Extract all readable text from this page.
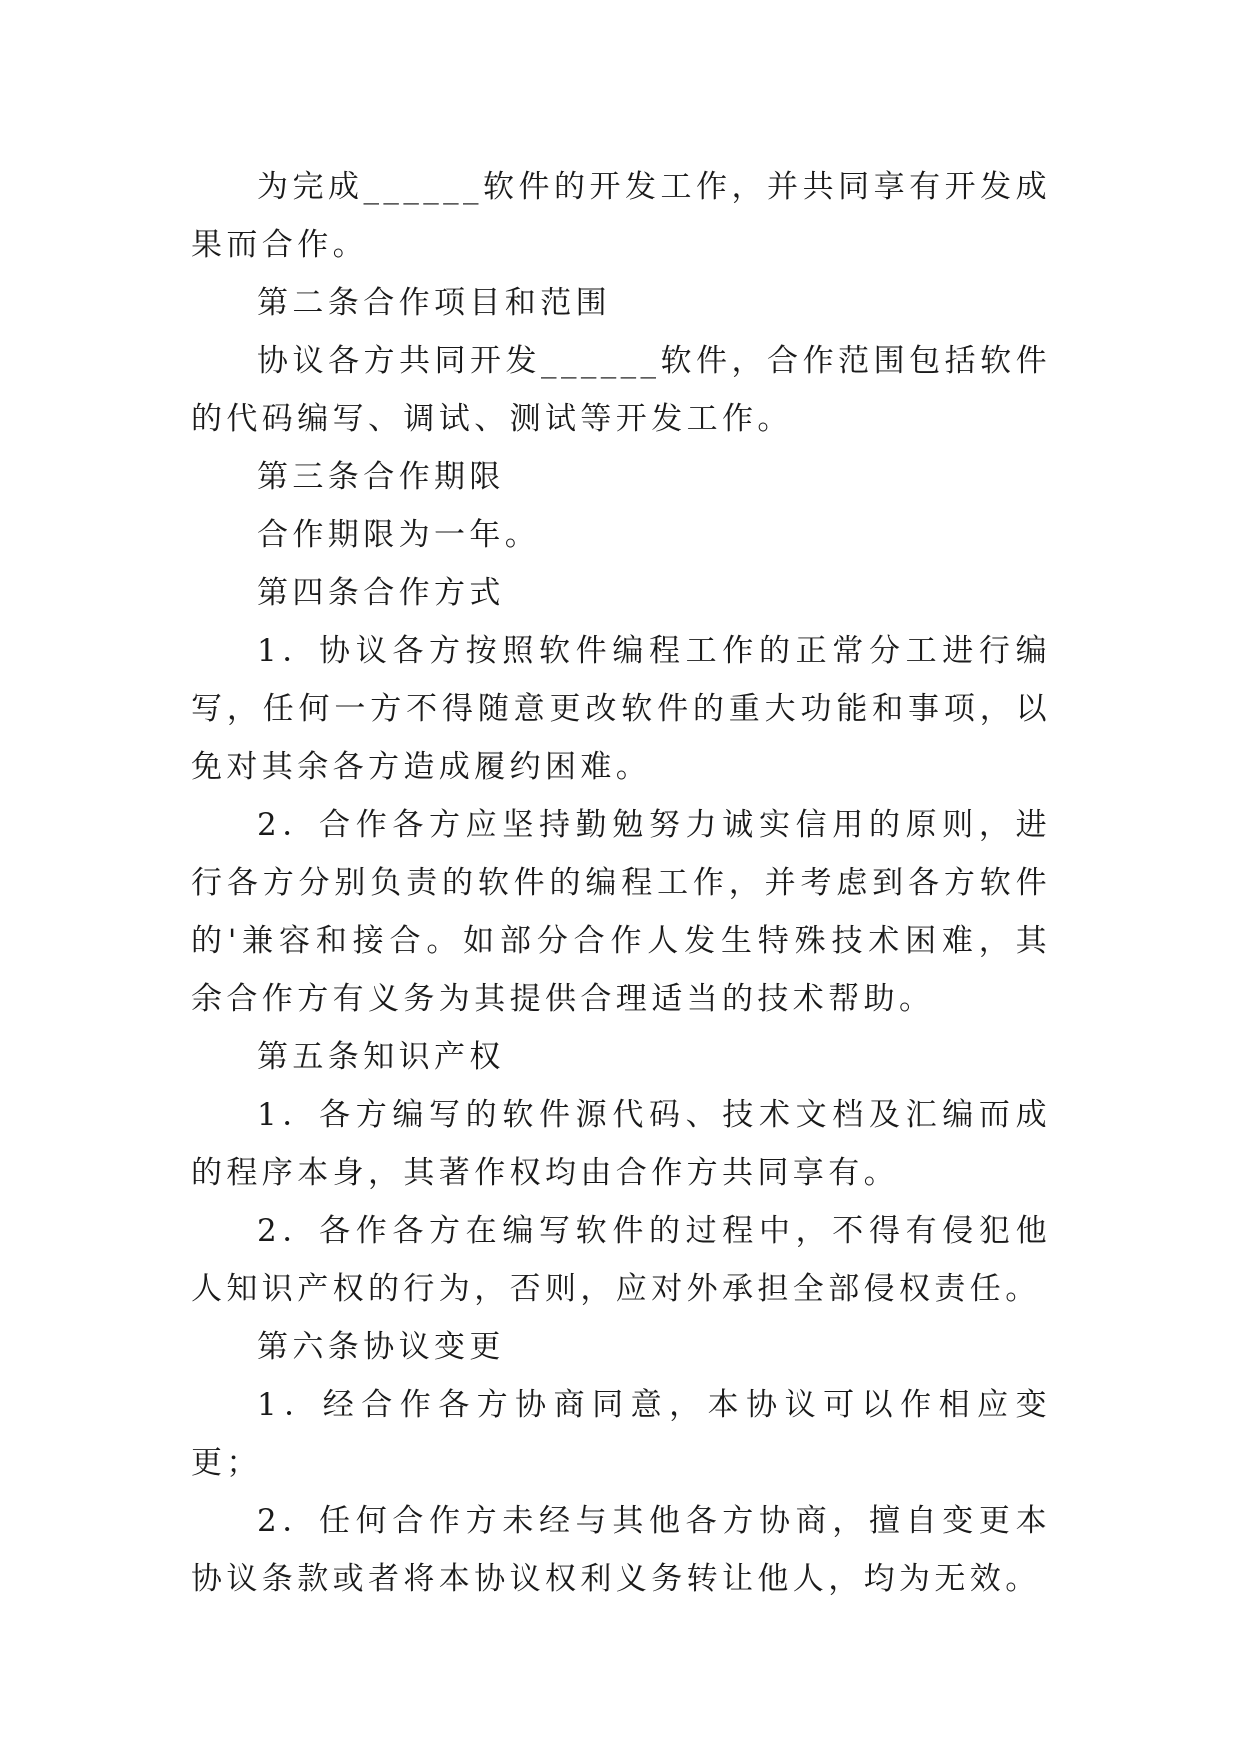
为完成______软件的开发工作，并共同享有开发成果而合作。

第二条合作项目和范围

协议各方共同开发______软件，合作范围包括软件的代码编写、调试、测试等开发工作。

第三条合作期限

合作期限为一年。

第四条合作方式

1．协议各方按照软件编程工作的正常分工进行编写，任何一方不得随意更改软件的重大功能和事项，以免对其余各方造成履约困难。

2．合作各方应坚持勤勉努力诚实信用的原则，进行各方分别负责的软件的编程工作，并考虑到各方软件的'兼容和接合。如部分合作人发生特殊技术困难，其余合作方有义务为其提供合理适当的技术帮助。

第五条知识产权

1．各方编写的软件源代码、技术文档及汇编而成的程序本身，其著作权均由合作方共同享有。

2．各作各方在编写软件的过程中，不得有侵犯他人知识产权的行为，否则，应对外承担全部侵权责任。

第六条协议变更

1．经合作各方协商同意，本协议可以作相应变更；

2．任何合作方未经与其他各方协商，擅自变更本协议条款或者将本协议权利义务转让他人，均为无效。
